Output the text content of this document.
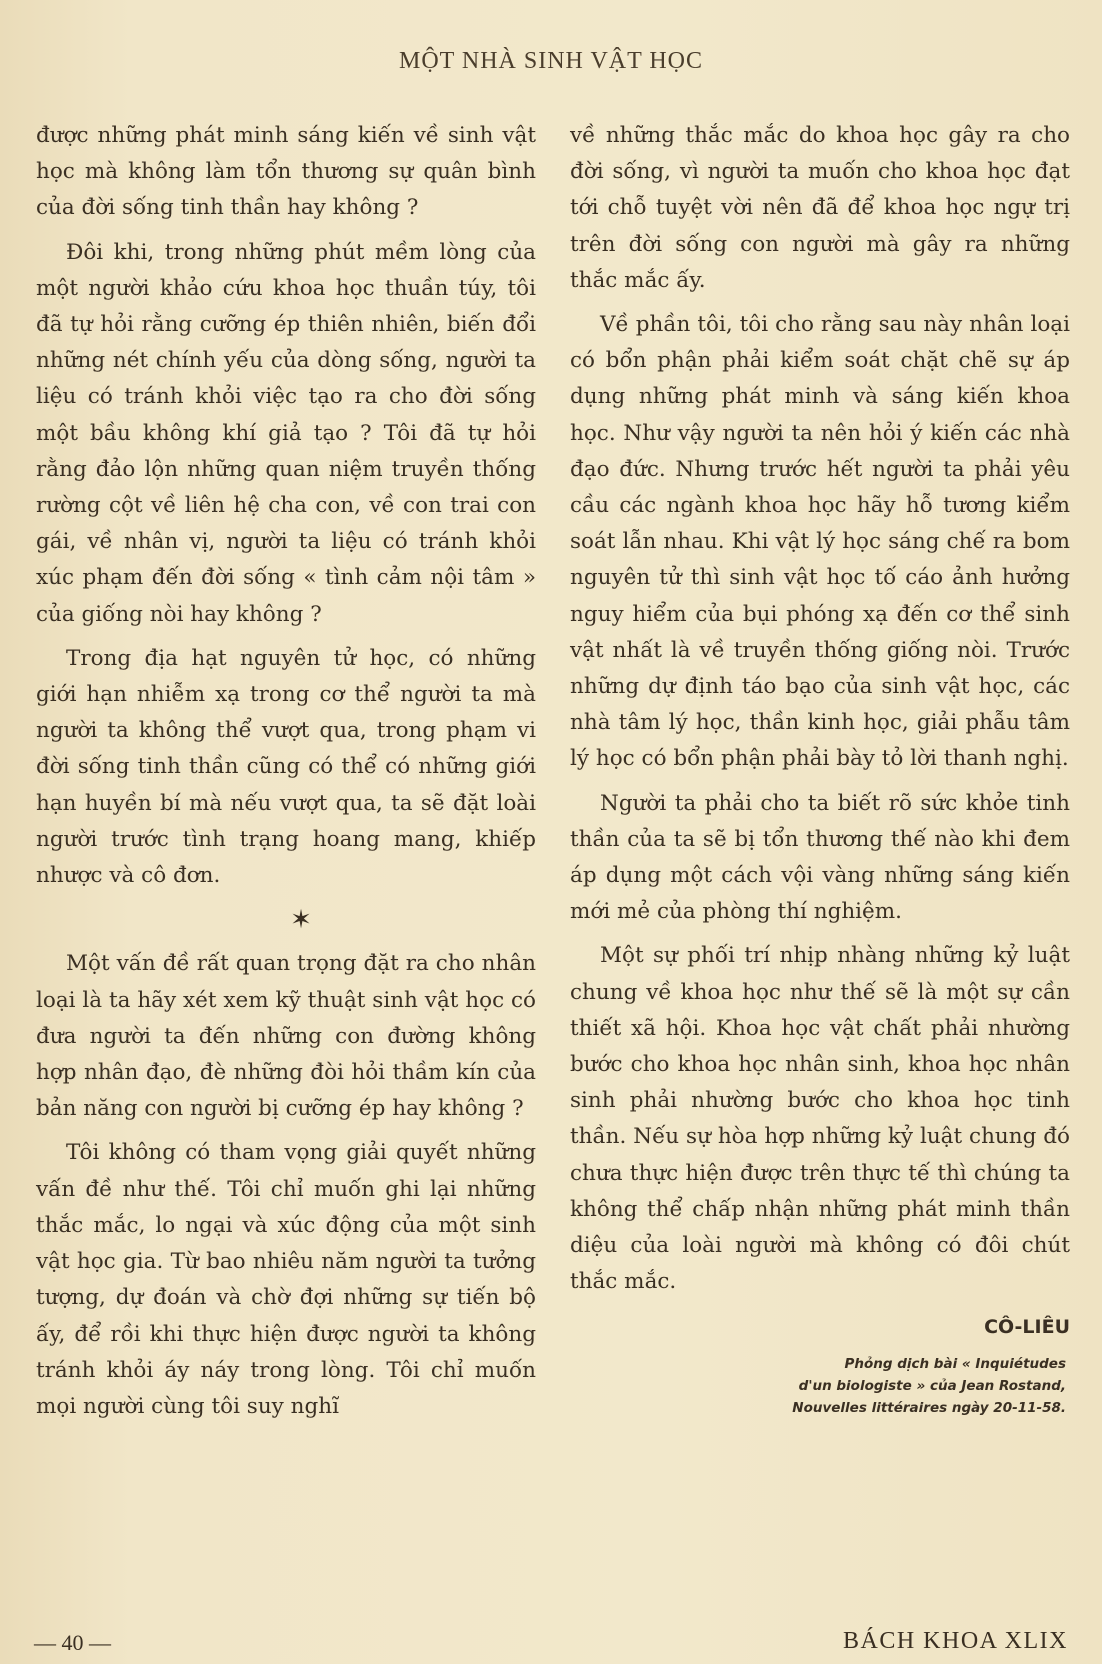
MỘT NHÀ SINH VẬT HỌC

được những phát minh sáng kiến về sinh vật học mà không làm tổn thương sự quân bình của đời sống tinh thần hay không ?

Đôi khi, trong những phút mềm lòng của một người khảo cứu khoa học thuần túy, tôi đã tự hỏi rằng cưỡng ép thiên nhiên, biến đổi những nét chính yếu của dòng sống, người ta liệu có tránh khỏi việc tạo ra cho đời sống một bầu không khí giả tạo ? Tôi đã tự hỏi rằng đảo lộn những quan niệm truyền thống rường cột về liên hệ cha con, về con trai con gái, về nhân vị, người ta liệu có tránh khỏi xúc phạm đến đời sống « tình cảm nội tâm » của giống nòi hay không ?

Trong địa hạt nguyên tử học, có những giới hạn nhiễm xạ trong cơ thể người ta mà người ta không thể vượt qua, trong phạm vi đời sống tinh thần cũng có thể có những giới hạn huyền bí mà nếu vượt qua, ta sẽ đặt loài người trước tình trạng hoang mang, khiếp nhược và cô đơn.

✶

Một vấn đề rất quan trọng đặt ra cho nhân loại là ta hãy xét xem kỹ thuật sinh vật học có đưa người ta đến những con đường không hợp nhân đạo, đè những đòi hỏi thầm kín của bản năng con người bị cưỡng ép hay không ?

Tôi không có tham vọng giải quyết những vấn đề như thế. Tôi chỉ muốn ghi lại những thắc mắc, lo ngại và xúc động của một sinh vật học gia. Từ bao nhiêu năm người ta tưởng tượng, dự đoán và chờ đợi những sự tiến bộ ấy, để rồi khi thực hiện được người ta không tránh khỏi áy náy trong lòng. Tôi chỉ muốn mọi người cùng tôi suy nghĩ

về những thắc mắc do khoa học gây ra cho đời sống, vì người ta muốn cho khoa học đạt tới chỗ tuyệt vời nên đã để khoa học ngự trị trên đời sống con người mà gây ra những thắc mắc ấy.

Về phần tôi, tôi cho rằng sau này nhân loại có bổn phận phải kiểm soát chặt chẽ sự áp dụng những phát minh và sáng kiến khoa học. Như vậy người ta nên hỏi ý kiến các nhà đạo đức. Nhưng trước hết người ta phải yêu cầu các ngành khoa học hãy hỗ tương kiểm soát lẫn nhau. Khi vật lý học sáng chế ra bom nguyên tử thì sinh vật học tố cáo ảnh hưởng nguy hiểm của bụi phóng xạ đến cơ thể sinh vật nhất là về truyền thống giống nòi. Trước những dự định táo bạo của sinh vật học, các nhà tâm lý học, thần kinh học, giải phẫu tâm lý học có bổn phận phải bày tỏ lời thanh nghị.

Người ta phải cho ta biết rõ sức khỏe tinh thần của ta sẽ bị tổn thương thế nào khi đem áp dụng một cách vội vàng những sáng kiến mới mẻ của phòng thí nghiệm.

Một sự phối trí nhịp nhàng những kỷ luật chung về khoa học như thế sẽ là một sự cần thiết xã hội. Khoa học vật chất phải nhường bước cho khoa học nhân sinh, khoa học nhân sinh phải nhường bước cho khoa học tinh thần. Nếu sự hòa hợp những kỷ luật chung đó chưa thực hiện được trên thực tế thì chúng ta không thể chấp nhận những phát minh thần diệu của loài người mà không có đôi chút thắc mắc.

CÔ-LIÊU

Phỏng dịch bài « Inquiétudes
d'un biologiste » của Jean Rostand,
Nouvelles littéraires ngày 20-11-58.
— 40 —	BÁCH KHOA XLIX
